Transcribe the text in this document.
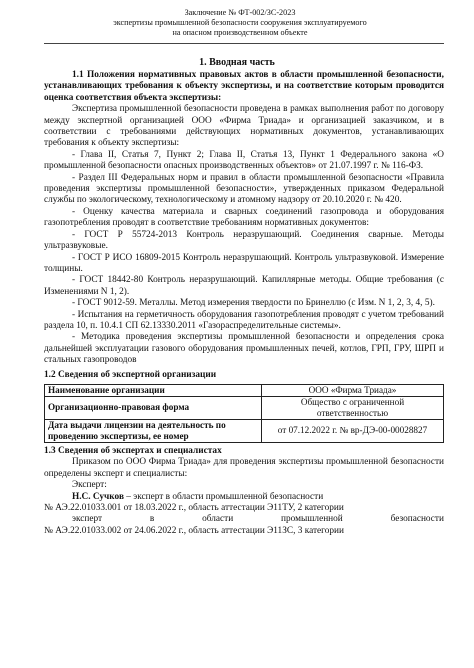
Заключение № ФТ-002/ЗС-2023
экспертизы промышленной безопасности сооружения эксплуатируемого
на опасном производственном объекте
1. Вводная часть

1.1 Положения нормативных правовых актов в области промышленной безопасности, устанавливающих требования к объекту экспертизы, и на соответствие которым проводится оценка соответствия объекта экспертизы:

Экспертиза промышленной безопасности проведена в рамках выполнения работ по договору между экспертной организацией ООО «Фирма Триада» и организацией заказчиком, и в соответствии с требованиями действующих нормативных документов, устанавливающих требования к объекту экспертизы:

- Глава II, Статья 7, Пункт 2; Глава II, Статья 13, Пункт 1 Федерального закона «О промышленной безопасности опасных производственных объектов» от 21.07.1997 г. № 116-ФЗ.

- Раздел III Федеральных норм и правил в области промышленной безопасности «Правила проведения экспертизы промышленной безопасности», утвержденных приказом Федеральной службы по экологическому, технологическому и атомному надзору от 20.10.2020 г. № 420.

- Оценку качества материала и сварных соединений газопровода и оборудования газопотребления проводят в соответствие требованиям нормативных документов:

- ГОСТ Р 55724-2013 Контроль неразрушающий. Соединения сварные. Методы ультразвуковые.

- ГОСТ Р ИСО 16809-2015 Контроль неразрушающий. Контроль ультразвуковой. Измерение толщины.

- ГОСТ 18442-80 Контроль неразрушающий. Капиллярные методы. Общие требования (с Изменениями N 1, 2).

- ГОСТ 9012-59. Металлы. Метод измерения твердости по Бринеллю (с Изм. N 1, 2, 3, 4, 5).

- Испытания на герметичность оборудования газопотребления проводят с учетом требований раздела 10, п. 10.4.1 СП 62.13330.2011 «Газораспределительные системы».

- Методика проведения экспертизы промышленной безопасности и определения срока дальнейшей эксплуатации газового оборудования промышленных печей, котлов, ГРП, ГРУ, ШРП и стальных газопроводов

1.2 Сведения об экспертной организации

Наименование организации	ООО «Фирма Триада»
Организационно-правовая форма	Общество с ограниченной ответственностью
Дата выдачи лицензии на деятельность по проведению экспертизы, ее номер	от 07.12.2022 г. № вр-ДЭ-00-00028827

1.3 Сведения об экспертах и специалистах

Приказом по ООО Фирма Триада» для проведения экспертизы промышленной безопасности определены эксперт и специалисты:

Эксперт:

Н.С. Сучков – эксперт в области промышленной безопасности

№ АЭ.22.01033.001 от 18.03.2022 г., область аттестации Э11ТУ, 2 категории

эксперт	в	области	промышленной	безопасности

№ АЭ.22.01033.002 от 24.06.2022 г., область аттестации Э11ЗС, 3 категории
